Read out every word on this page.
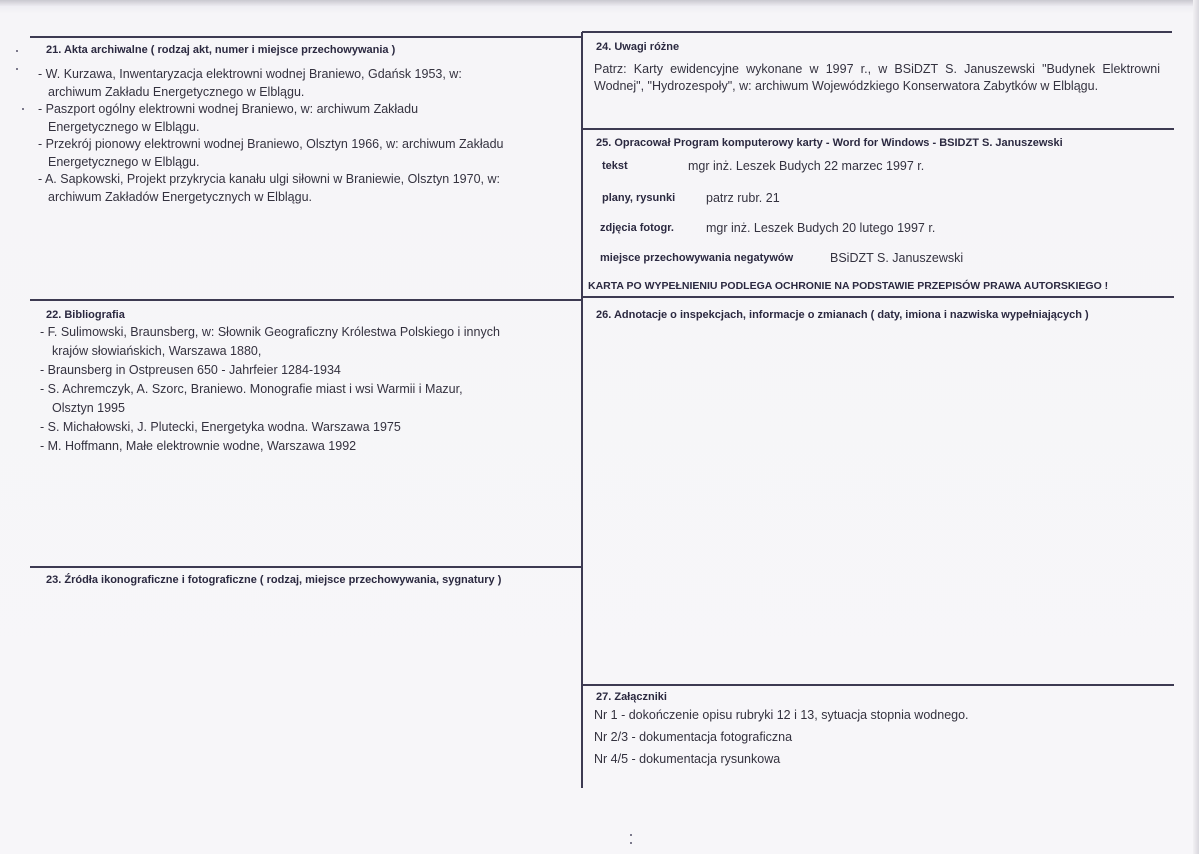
21. Akta archiwalne ( rodzaj akt, numer i miejsce przechowywania )
- W. Kurzawa, Inwentaryzacja elektrowni wodnej Braniewo, Gdańsk 1953, w:
archiwum Zakładu Energetycznego w Elblągu.
- Paszport ogólny elektrowni wodnej Braniewo, w: archiwum Zakładu
Energetycznego w Elblągu.
- Przekrój pionowy elektrowni wodnej Braniewo, Olsztyn 1966, w: archiwum Zakładu
Energetycznego w Elblągu.
- A. Sapkowski, Projekt przykrycia kanału ulgi siłowni w Braniewie, Olsztyn 1970, w:
archiwum Zakładów Energetycznych w Elblągu.
22. Bibliografia
- F. Sulimowski, Braunsberg, w: Słownik Geograficzny Królestwa Polskiego i innych
krajów słowiańskich, Warszawa 1880,
- Braunsberg in Ostpreusen 650 - Jahrfeier 1284-1934
- S. Achremczyk, A. Szorc, Braniewo. Monografie miast i wsi Warmii i Mazur,
Olsztyn 1995
- S. Michałowski, J. Plutecki, Energetyka wodna. Warszawa 1975
- M. Hoffmann, Małe elektrownie wodne, Warszawa 1992
23. Źródła ikonograficzne i fotograficzne ( rodzaj, miejsce przechowywania, sygnatury )
24. Uwagi różne
Patrz: Karty ewidencyjne wykonane w 1997 r., w BSiDZT S. Januszewski "Budynek Elektrowni Wodnej", "Hydrozespoły", w: archiwum Wojewódzkiego Konserwatora Zabytków w Elblągu.
25. Opracował Program komputerowy karty - Word for Windows - BSIDZT S. Januszewski
tekst	mgr inż. Leszek Budych 22 marzec 1997 r.
plany, rysunki patrz rubr. 21
zdjęcia fotogr.	mgr inż. Leszek Budych 20 lutego 1997 r.
miejsce przechowywania negatywów	BSiDZT S. Januszewski
KARTA PO WYPEŁNIENIU PODLEGA OCHRONIE NA PODSTAWIE PRZEPISÓW PRAWA AUTORSKIEGO !
26. Adnotacje o inspekcjach, informacje o zmianach ( daty, imiona i nazwiska wypełniających )
27. Załączniki
Nr 1 - dokończenie opisu rubryki 12 i 13, sytuacja stopnia wodnego.
Nr 2/3 - dokumentacja fotograficzna
Nr 4/5 - dokumentacja rysunkowa
